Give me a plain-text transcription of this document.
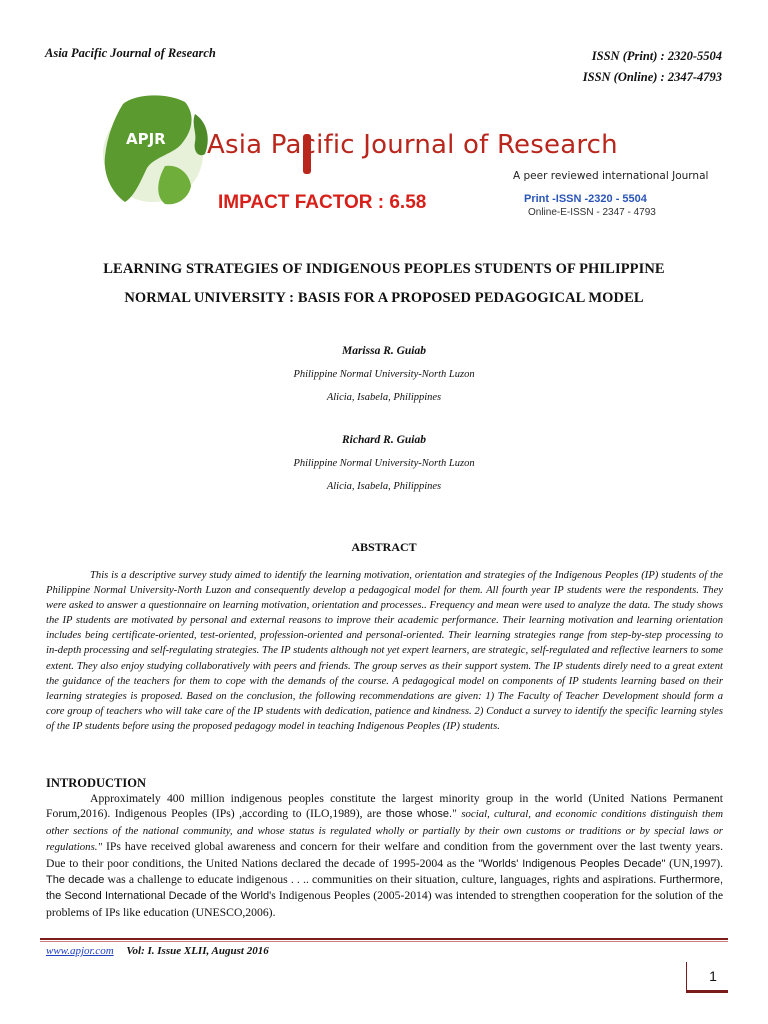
Asia Pacific Journal of Research	ISSN (Print) : 2320-5504
ISSN (Online) : 2347-4793
APJR Asia Pacific Journal of Research
A peer reviewed international Journal
IMPACT FACTOR : 6.58	Print -ISSN -2320 - 5504
Online-E-ISSN - 2347 - 4793
LEARNING STRATEGIES OF INDIGENOUS PEOPLES STUDENTS OF PHILIPPINE
NORMAL UNIVERSITY : BASIS FOR A PROPOSED PEDAGOGICAL MODEL
Marissa R. Guiab
Philippine Normal University-North Luzon
Alicia, Isabela, Philippines
Richard R. Guiab
Philippine Normal University-North Luzon
Alicia, Isabela, Philippines
ABSTRACT

This is a descriptive survey study aimed to identify the learning motivation, orientation and strategies of the Indigenous Peoples (IP) students of the Philippine Normal University-North Luzon and consequently develop a pedagogical model for them. All fourth year IP students were the respondents. They were asked to answer a questionnaire on learning motivation, orientation and processes.. Frequency and mean were used to analyze the data. The study shows the IP students are motivated by personal and external reasons to improve their academic performance. Their learning motivation and learning orientation includes being certificate-oriented, test-oriented, profession-oriented and personal-oriented. Their learning strategies range from step-by-step processing to in-depth processing and self-regulating strategies. The IP students although not yet expert learners, are strategic, self-regulated and reflective learners to some extent. They also enjoy studying collaboratively with peers and friends. The group serves as their support system. The IP students direly need to a great extent the guidance of the teachers for them to cope with the demands of the course. A pedagogical model on components of IP students learning based on their learning strategies is proposed. Based on the conclusion, the following recommendations are given: 1) The Faculty of Teacher Development should form a core group of teachers who will take care of the IP students with dedication, patience and kindness. 2) Conduct a survey to identify the specific learning styles of the IP students before using the proposed pedagogy model in teaching Indigenous Peoples (IP) students.

INTRODUCTION

Approximately 400 million indigenous peoples constitute the largest minority group in the world (United Nations Permanent Forum,2016). Indigenous Peoples (IPs) ,according to (ILO,1989), are those whose." social, cultural, and economic conditions distinguish them other sections of the national community, and whose status is regulated wholly or partially by their own customs or traditions or by special laws or regulations." IPs have received global awareness and concern for their welfare and condition from the government over the last twenty years. Due to their poor conditions, the United Nations declared the decade of 1995-2004 as the "Worlds' Indigenous Peoples Decade" (UN,1997). The decade was a challenge to educate indigenous . . .. communities on their situation, culture, languages, rights and aspirations. Furthermore, the Second International Decade of the World's Indigenous Peoples (2005-2014) was intended to strengthen cooperation for the solution of the problems of IPs like education (UNESCO,2006).

www.apjor.com Vol: I. Issue XLII, August 2016
1
